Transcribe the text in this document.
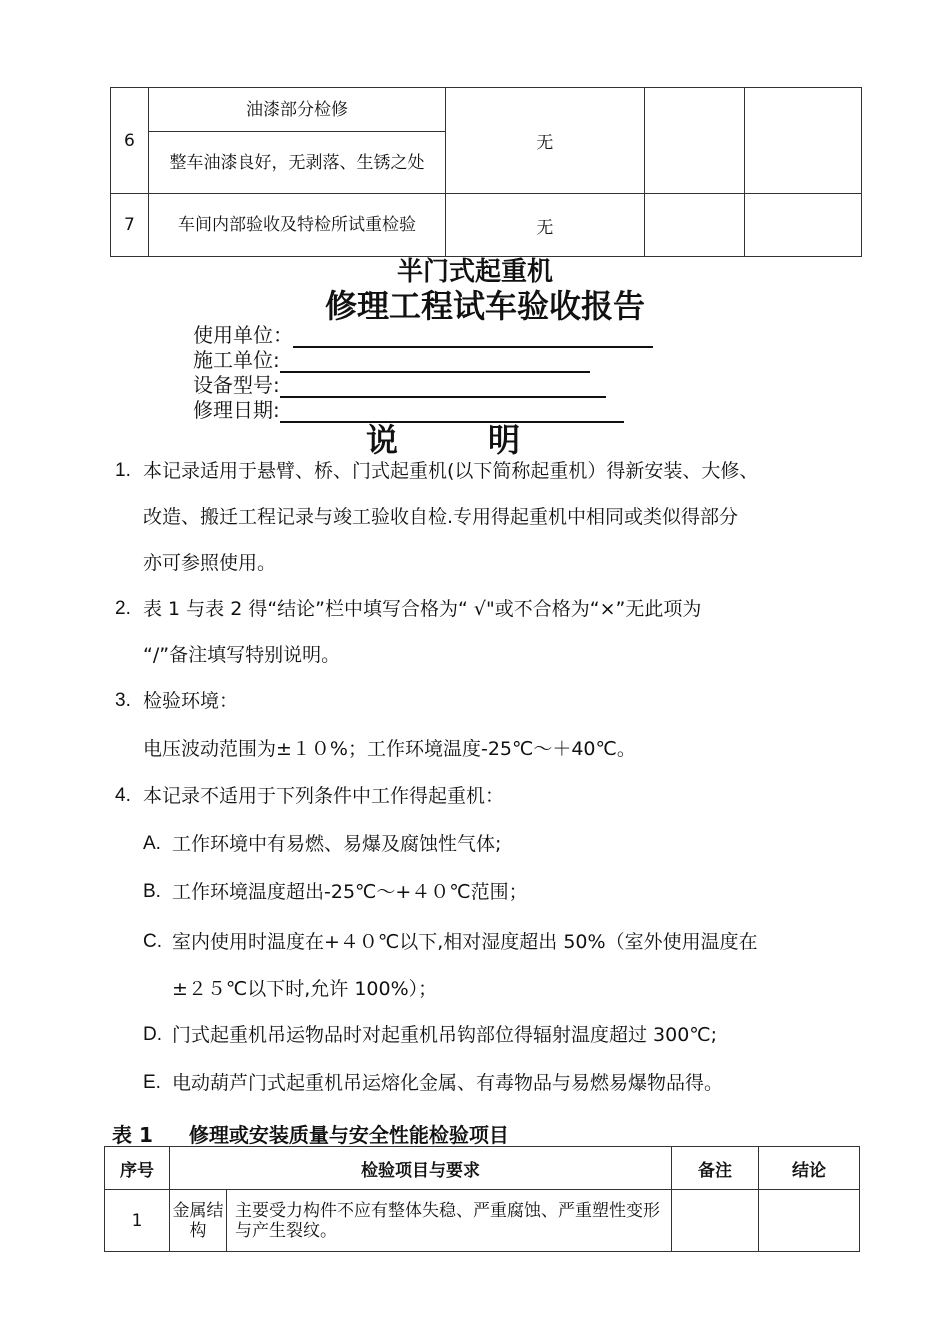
6	油漆部分检修	无		

	整车油漆良好，无剥落、生锈之处			

7	车间内部验收及特检所试重检验	无		
半门式起重机
修理工程试车验收报告
使用单位：
施工单位:
设备型号:
修理日期:
说明
1. 本记录适用于悬臂、桥、门式起重机(以下简称起重机）得新安装、大修、
改造、搬迁工程记录与竣工验收自检.专用得起重机中相同或类似得部分
亦可参照使用。
2. 表 1 与表 2 得“结论”栏中填写合格为“ √"或不合格为“×”无此项为
“/”备注填写特别说明。
3. 检验环境：
电压波动范围为±１０%；工作环境温度-25℃～＋40℃。
4. 本记录不适用于下列条件中工作得起重机：
A. 工作环境中有易燃、易爆及腐蚀性气体;
B. 工作环境温度超出-25℃～+４０℃范围；
C. 室内使用时温度在+４０℃以下,相对湿度超出 50%（室外使用温度在
±２５℃以下时,允许 100%）；
D. 门式起重机吊运物品时对起重机吊钩部位得辐射温度超过 300℃;
E. 电动葫芦门式起重机吊运熔化金属、有毒物品与易燃易爆物品得。
表 1 修理或安装质量与安全性能检验项目
序号	检验项目与要求		备注	结论
1	金属结构	主要受力构件不应有整体失稳、严重腐蚀、严重塑性变形与产生裂纹。		
